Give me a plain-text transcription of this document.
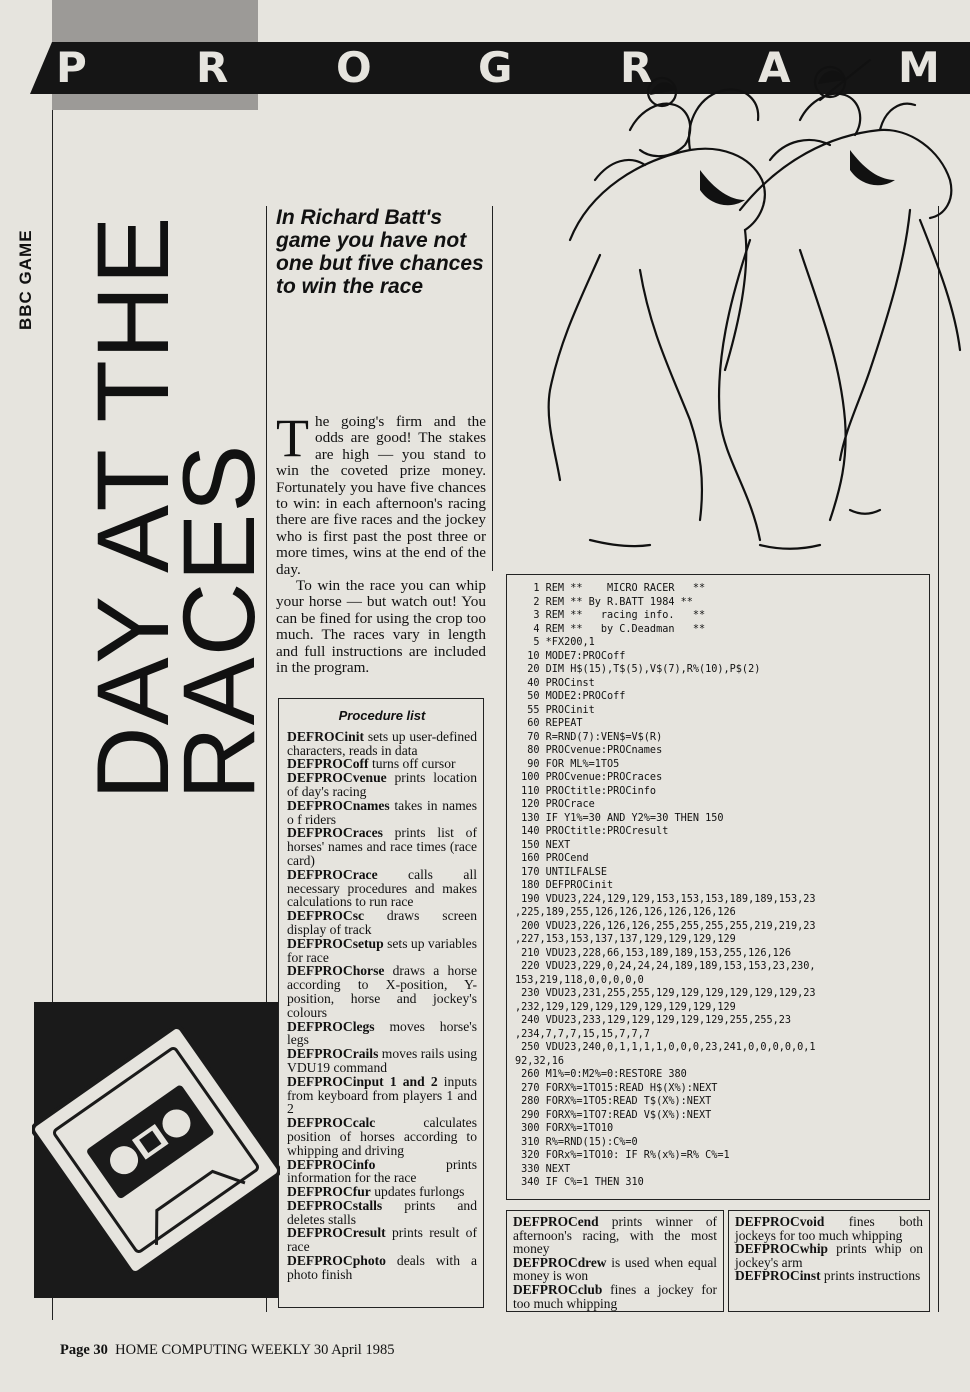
P	R	O	G	R	A	M
BBC GAME DAY AT THE
RACES
In Richard Batt's game you have not one but five chances to win the race

The going's firm and the odds are good! The stakes are high — you stand to win the coveted prize money. Fortunately you have five chances to win: in each afternoon's racing there are five races and the jockey who is first past the post three or more times, wins at the end of the day.

To win the race you can whip your horse — but watch out! You can be fined for using the crop too much. The races vary in length and full instructions are included in the program.

1 REM **    MICRO RACER   **
2 REM ** By R.BATT 1984 **
3 REM **   racing info.   **
4 REM **   by C.Deadman   **
5 *FX200,1
10 MODE7:PROCoff
20 DIM H$(15),T$(5),V$(7),R%(10),P$(2)
40 PROCinst
50 MODE2:PROCoff
55 PROCinit
60 REPEAT
70 R=RND(7):VEN$=V$(R)
80 PROCvenue:PROCnames
90 FOR ML%=1TO5
100 PROCvenue:PROCraces
110 PROCtitle:PROCinfo
120 PROCrace
130 IF Y1%=30 AND Y2%=30 THEN 150
140 PROCtitle:PROCresult
150 NEXT
160 PROCend
170 UNTILFALSE
180 DEFPROCinit
190 VDU23,224,129,129,153,153,153,189,189,153,23
,225,189,255,126,126,126,126,126,126
200 VDU23,226,126,126,255,255,255,255,219,219,23
,227,153,153,137,137,129,129,129,129
210 VDU23,228,66,153,189,189,153,255,126,126
220 VDU23,229,0,24,24,24,189,189,153,153,23,230,
153,219,118,0,0,0,0,0
230 VDU23,231,255,255,129,129,129,129,129,129,23
,232,129,129,129,129,129,129,129,129
240 VDU23,233,129,129,129,129,129,255,255,23
,234,7,7,7,15,15,7,7,7
250 VDU23,240,0,1,1,1,1,0,0,0,23,241,0,0,0,0,0,1
92,32,16
260 M1%=0:M2%=0:RESTORE 380
270 FORX%=1TO15:READ H$(X%):NEXT
280 FORX%=1TO5:READ T$(X%):NEXT
290 FORX%=1TO7:READ V$(X%):NEXT
300 FORX%=1TO10
310 R%=RND(15):C%=0
320 FORx%=1TO10: IF R%(x%)=R% C%=1
330 NEXT
340 IF C%=1 THEN 310
Procedure list
DEFROCinit sets up user-defined characters, reads in data
DEFPROCoff turns off cursor
DEFPROCvenue prints location of day's racing
DEFPROCnames takes in names o f riders
DEFPROCraces prints list of horses' names and race times (race card)
DEFPROCrace calls all necessary procedures and makes calculations to run race
DEFPROCsc draws screen display of track
DEFPROCsetup sets up variables for race
DEFPROChorse draws a horse according to X-position, Y-position, horse and jockey's colours
DEFPROClegs moves horse's legs
DEFPROCrails moves rails using VDU19 command
DEFPROCinput 1 and 2 inputs from keyboard from players 1 and 2
DEFPROCcalc calculates position of horses according to whipping and driving
DEFPROCinfo prints information for the race
DEFPROCfur updates furlongs
DEFPROCstalls prints and deletes stalls
DEFPROCresult prints result of race
DEFPROCphoto deals with a photo finish
DEFPROCend prints winner of afternoon's racing, with the most money
DEFPROCdrew is used when equal money is won
DEFPROCclub fines a jockey for too much whipping
DEFPROCvoid fines both jockeys for too much whipping
DEFPROCwhip prints whip on jockey's arm
DEFPROCinst prints instructions
Page 30 HOME COMPUTING WEEKLY 30 April 1985
